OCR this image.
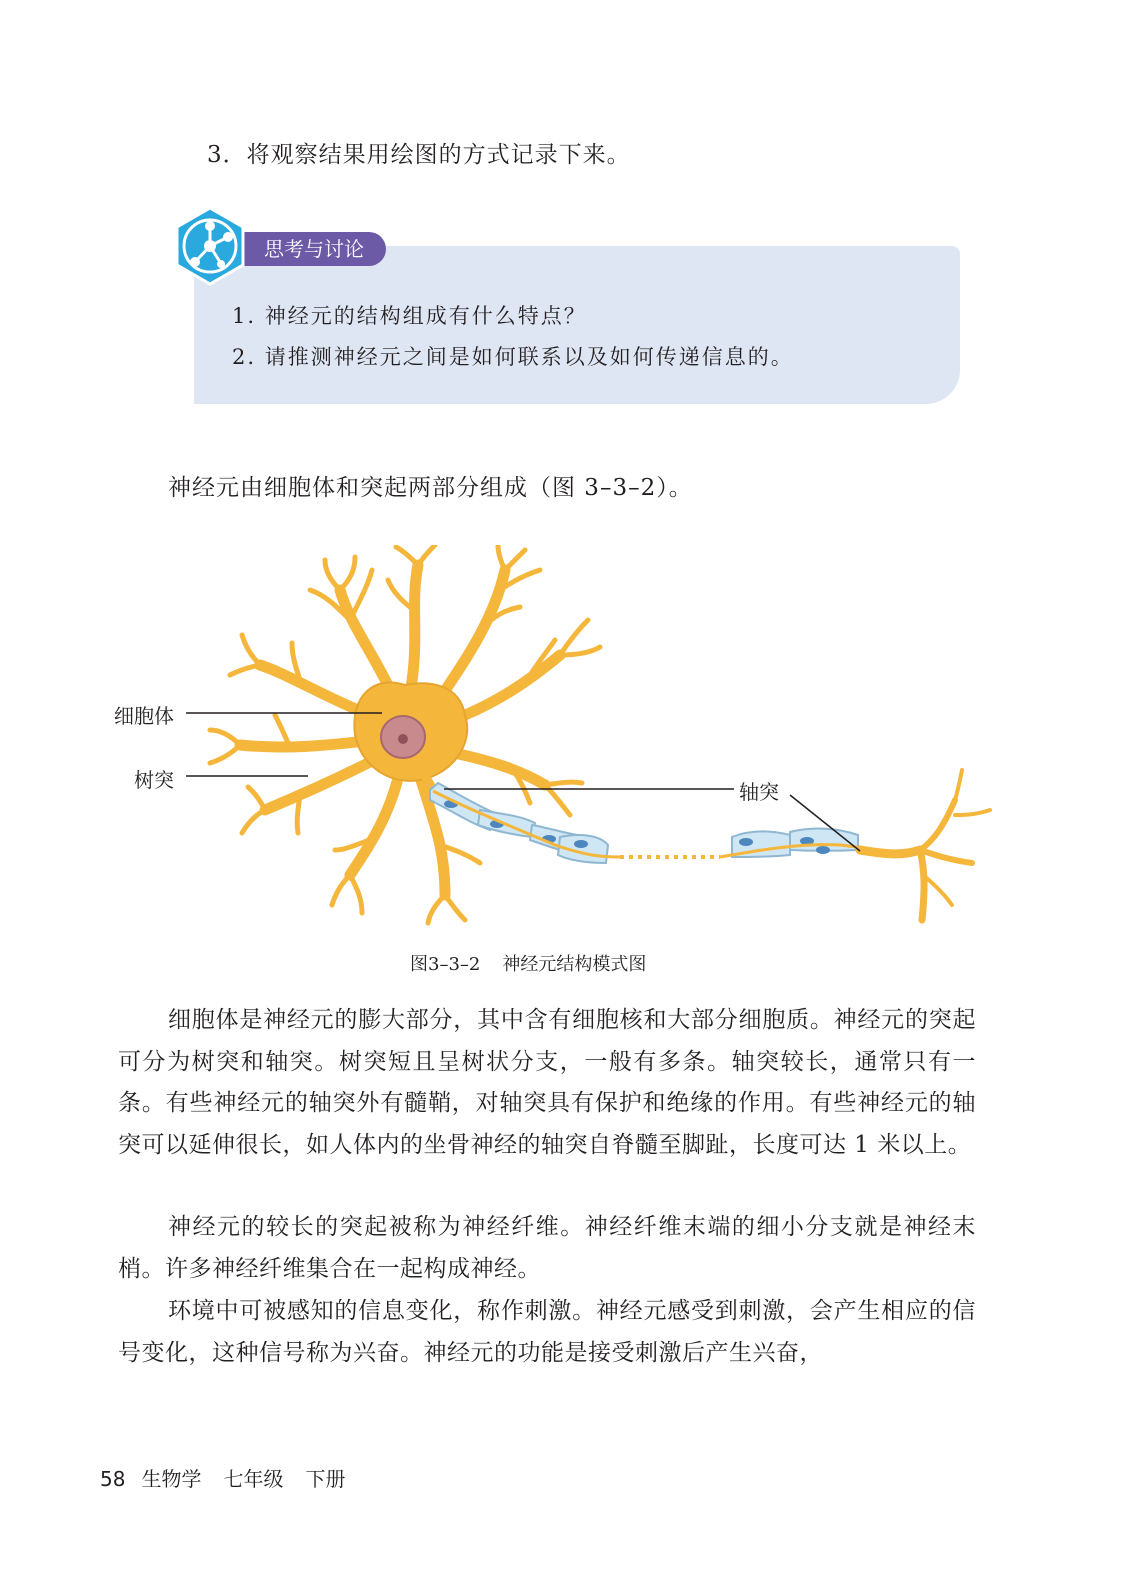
3．将观察结果用绘图的方式记录下来。
思考与讨论
1. 神经元的结构组成有什么特点？
2. 请推测神经元之间是如何联系以及如何传递信息的。
神经元由细胞体和突起两部分组成（图 3–3–2）。
细胞体
树突	轴突
图3–3–2 神经元结构模式图

细胞体是神经元的膨大部分，其中含有细胞核和大部分细胞质。神经元的突起可分为树突和轴突。树突短且呈树状分支，一般有多条。轴突较长，通常只有一条。有些神经元的轴突外有髓鞘，对轴突具有保护和绝缘的作用。有些神经元的轴突可以延伸很长，如人体内的坐骨神经的轴突自脊髓至脚趾，长度可达 1 米以上。

神经元的较长的突起被称为神经纤维。神经纤维末端的细小分支就是神经末梢。许多神经纤维集合在一起构成神经。

环境中可被感知的信息变化，称作刺激。神经元感受到刺激，会产生相应的信号变化，这种信号称为兴奋。神经元的功能是接受刺激后产生兴奋，

58 生物学 七年级 下册
